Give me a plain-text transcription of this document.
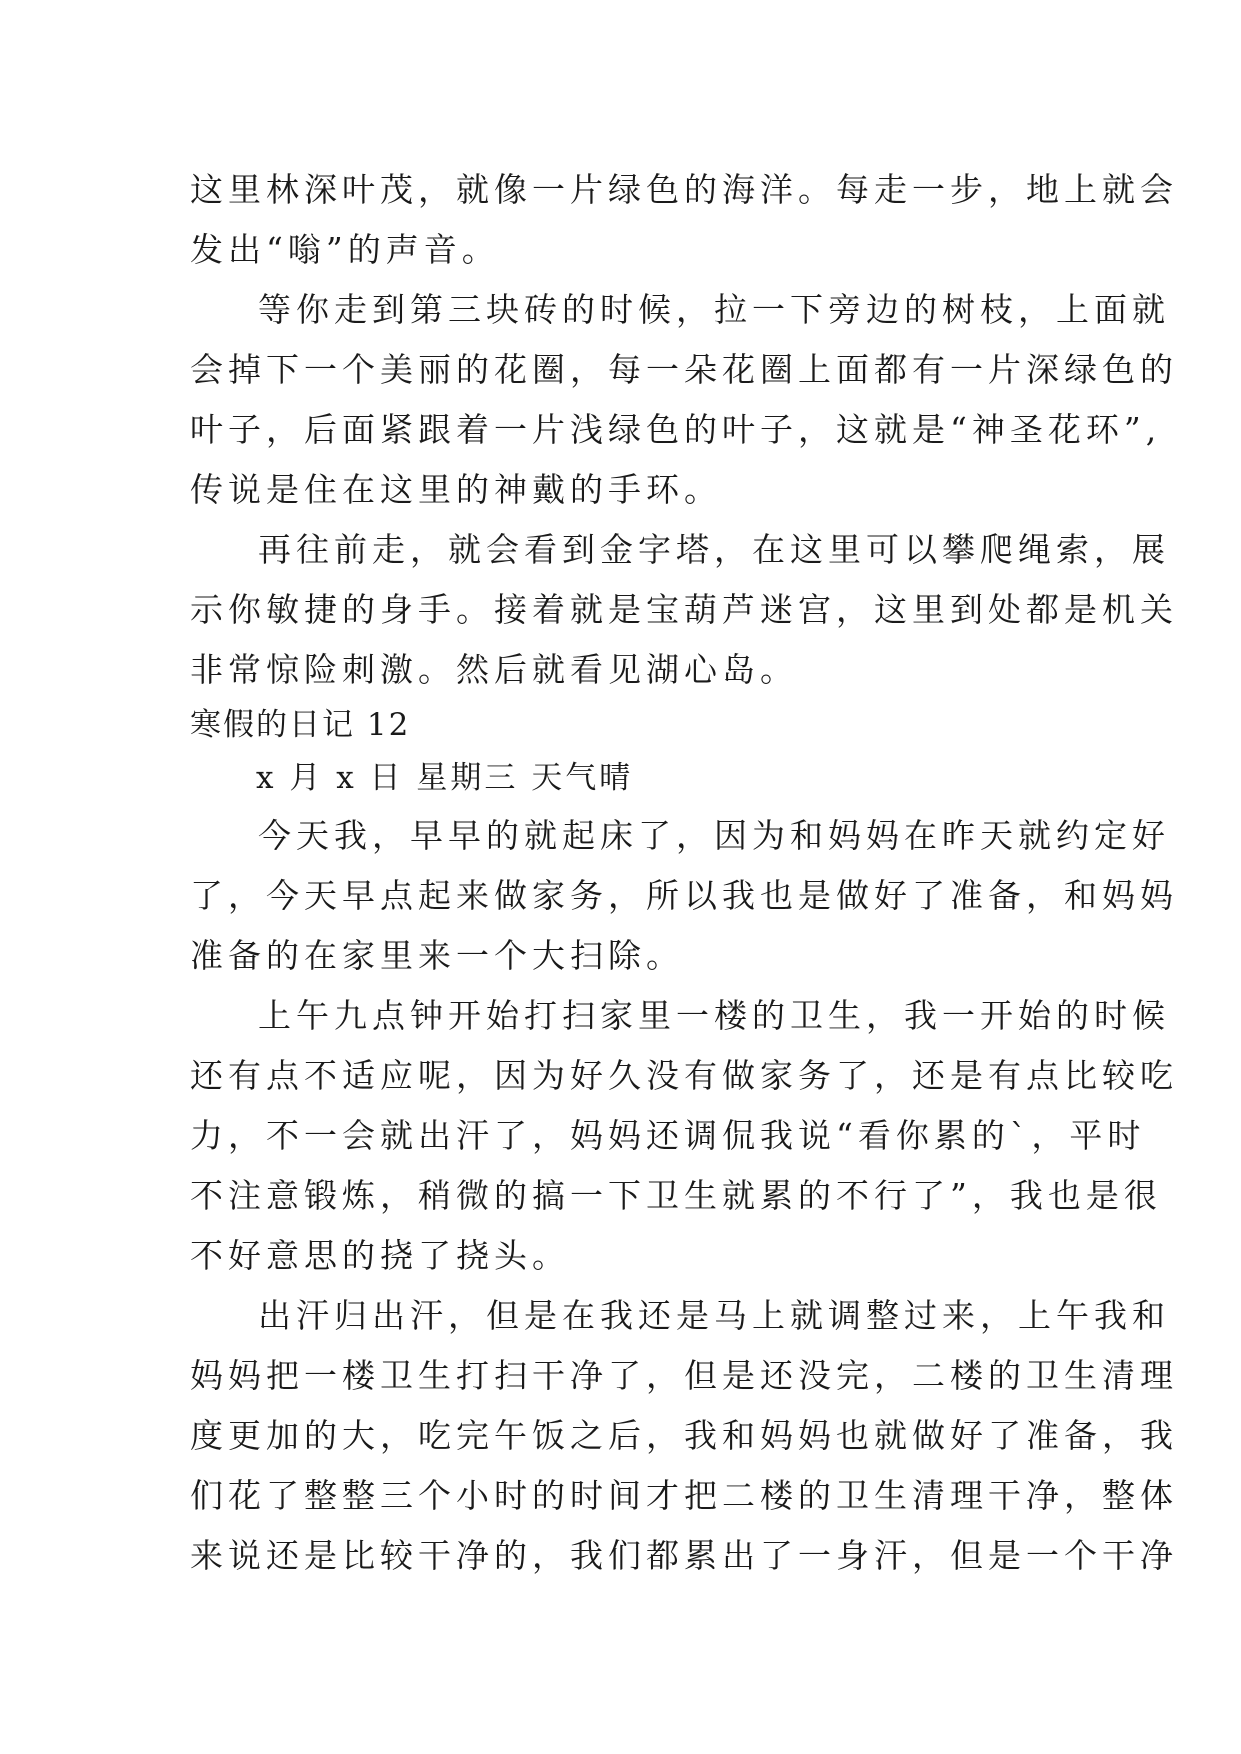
这里林深叶茂，就像一片绿色的海洋。每走一步，地上就会
发出“嗡”的声音。
等你走到第三块砖的时候，拉一下旁边的树枝，上面就
会掉下一个美丽的花圈，每一朵花圈上面都有一片深绿色的
叶子，后面紧跟着一片浅绿色的叶子，这就是“神圣花环”,
传说是住在这里的神戴的手环。
再往前走，就会看到金字塔，在这里可以攀爬绳索，展
示你敏捷的身手。接着就是宝葫芦迷宫，这里到处都是机关
非常惊险刺激。然后就看见湖心岛。
寒假的日记 12
x 月 x 日 星期三 天气晴
今天我，早早的就起床了，因为和妈妈在昨天就约定好
了，今天早点起来做家务，所以我也是做好了准备，和妈妈
准备的在家里来一个大扫除。
上午九点钟开始打扫家里一楼的卫生，我一开始的时候
还有点不适应呢，因为好久没有做家务了，还是有点比较吃
力，不一会就出汗了，妈妈还调侃我说“看你累的`，平时
不注意锻炼，稍微的搞一下卫生就累的不行了”，我也是很
不好意思的挠了挠头。
出汗归出汗，但是在我还是马上就调整过来，上午我和
妈妈把一楼卫生打扫干净了，但是还没完，二楼的卫生清理
度更加的大，吃完午饭之后，我和妈妈也就做好了准备，我
们花了整整三个小时的时间才把二楼的卫生清理干净，整体
来说还是比较干净的，我们都累出了一身汗，但是一个干净
